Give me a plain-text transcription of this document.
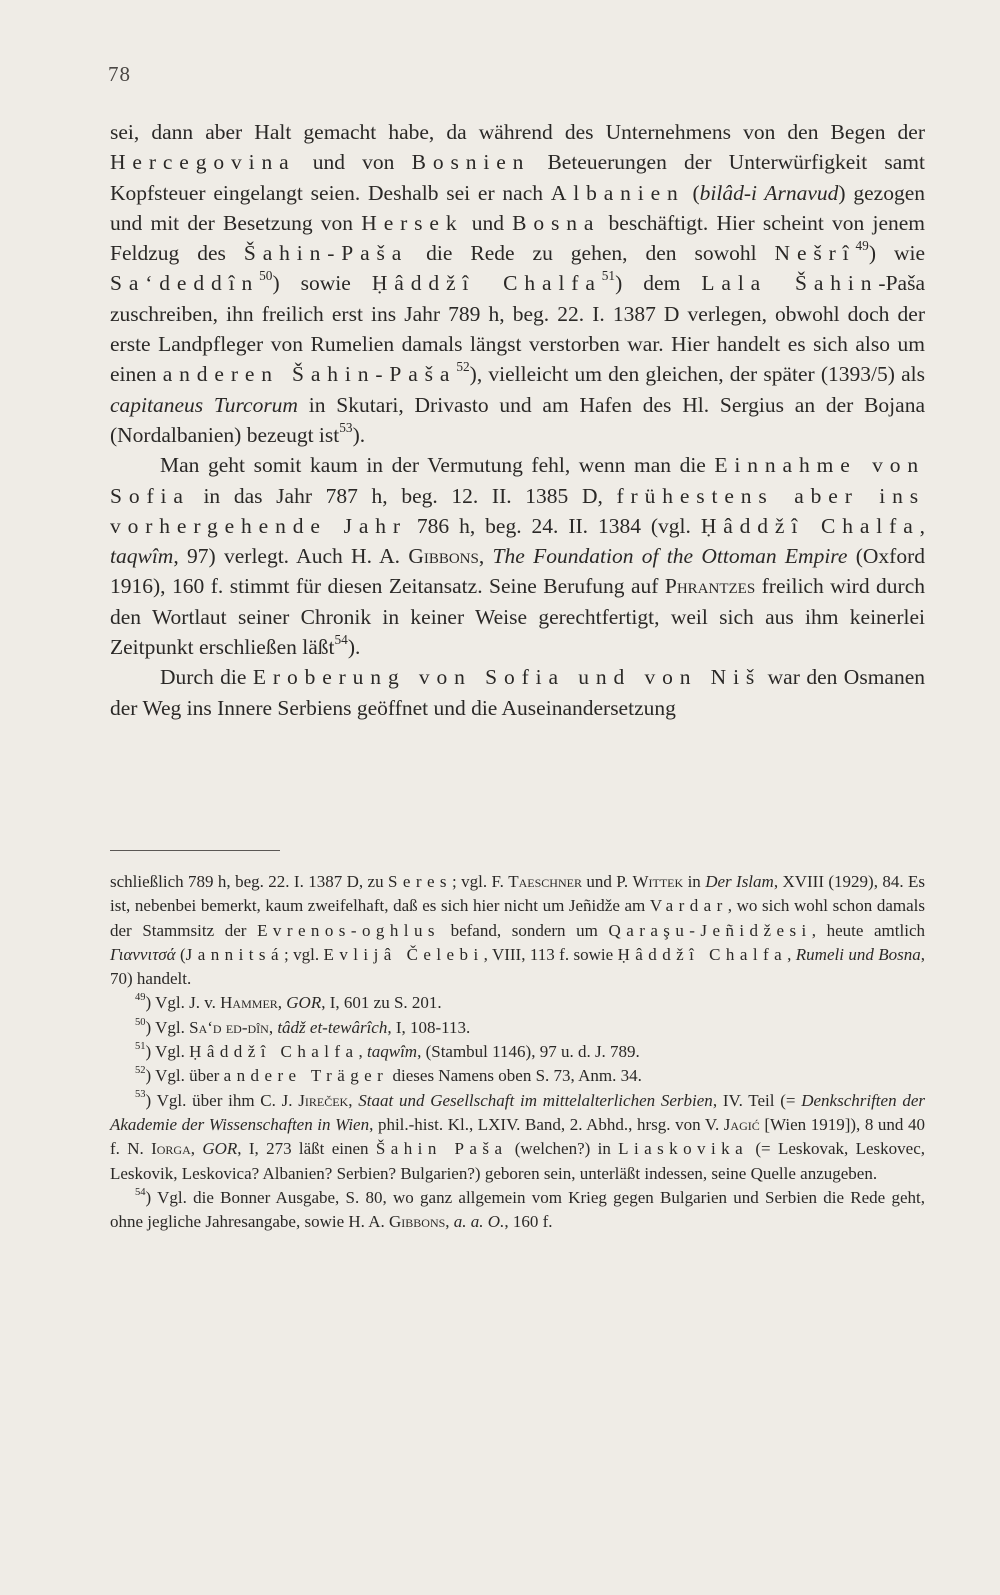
78

sei, dann aber Halt gemacht habe, da während des Unternehmens von den Begen der Hercegovina und von Bosnien Beteuerungen der Unterwürfigkeit samt Kopfsteuer eingelangt seien. Deshalb sei er nach Albanien (bilâd-i Arnavud) gezogen und mit der Besetzung von Hersek und Bosna beschäftigt. Hier scheint von jenem Feldzug des Šahin-Paša die Rede zu gehen, den sowohl Nešrî$^{49}$) wie Sa‘deddîn$^{50}$) sowie Ḥâddžî Chalfa$^{51}$) dem Lala Šahin-Paša zuschreiben, ihn freilich erst ins Jahr 789 h, beg. 22. I. 1387 D verlegen, obwohl doch der erste Landpfleger von Rumelien damals längst verstorben war. Hier handelt es sich also um einen anderen Šahin-Paša$^{52}$), vielleicht um den gleichen, der später (1393/5) als capitaneus Turcorum in Skutari, Drivasto und am Hafen des Hl. Sergius an der Bojana (Nordalbanien) bezeugt ist$^{53}$).

Man geht somit kaum in der Vermutung fehl, wenn man die Einnahme von Sofia in das Jahr 787 h, beg. 12. II. 1385 D, frühestens aber ins vorhergehende Jahr 786 h, beg. 24. II. 1384 (vgl. Ḥâddžî Chalfa, taqwîm, 97) verlegt. Auch H. A. Gibbons, The Foundation of the Ottoman Empire (Oxford 1916), 160 f. stimmt für diesen Zeitansatz. Seine Berufung auf Phrantzes freilich wird durch den Wortlaut seiner Chronik in keiner Weise gerechtfertigt, weil sich aus ihm keinerlei Zeitpunkt erschließen läßt$^{54}$).

Durch die Eroberung von Sofia und von Niš war den Osmanen der Weg ins Innere Serbiens geöffnet und die Auseinandersetzung

schließlich 789 h, beg. 22. I. 1387 D, zu Seres; vgl. F. Taeschner und P. Wittek in Der Islam, XVIII (1929), 84. Es ist, nebenbei bemerkt, kaum zweifelhaft, daß es sich hier nicht um Jeñidže am Vardar, wo sich wohl schon damals der Stammsitz der Evrenos-oghlus befand, sondern um Qaraşu-Jeñidžesi, heute amtlich Γιαννιτσά (Jannitsá; vgl. Evlijâ Čelebi, VIII, 113 f. sowie Ḥâddžî Chalfa, Rumeli und Bosna, 70) handelt.

$^{49}$) Vgl. J. v. Hammer, GOR, I, 601 zu S. 201.

$^{50}$) Vgl. Sa‘d ed-dîn, tâdž et-tewârîch, I, 108-113.

$^{51}$) Vgl. Ḥâddžî Chalfa, taqwîm, (Stambul 1146), 97 u. d. J. 789.

$^{52}$) Vgl. über andere Träger dieses Namens oben S. 73, Anm. 34.

$^{53}$) Vgl. über ihm C. J. Jireček, Staat und Gesellschaft im mittelalterlichen Serbien, IV. Teil (= Denkschriften der Akademie der Wissenschaften in Wien, phil.-hist. Kl., LXIV. Band, 2. Abhd., hrsg. von V. Jagić [Wien 1919]), 8 und 40 f. N. Iorga, GOR, I, 273 läßt einen Šahin Paša (welchen?) in Liaskovika (= Leskovak, Leskovec, Leskovik, Leskovica? Albanien? Serbien? Bulgarien?) geboren sein, unterläßt indessen, seine Quelle anzugeben.

$^{54}$) Vgl. die Bonner Ausgabe, S. 80, wo ganz allgemein vom Krieg gegen Bulgarien und Serbien die Rede geht, ohne jegliche Jahresangabe, sowie H. A. Gibbons, a. a. O., 160 f.
